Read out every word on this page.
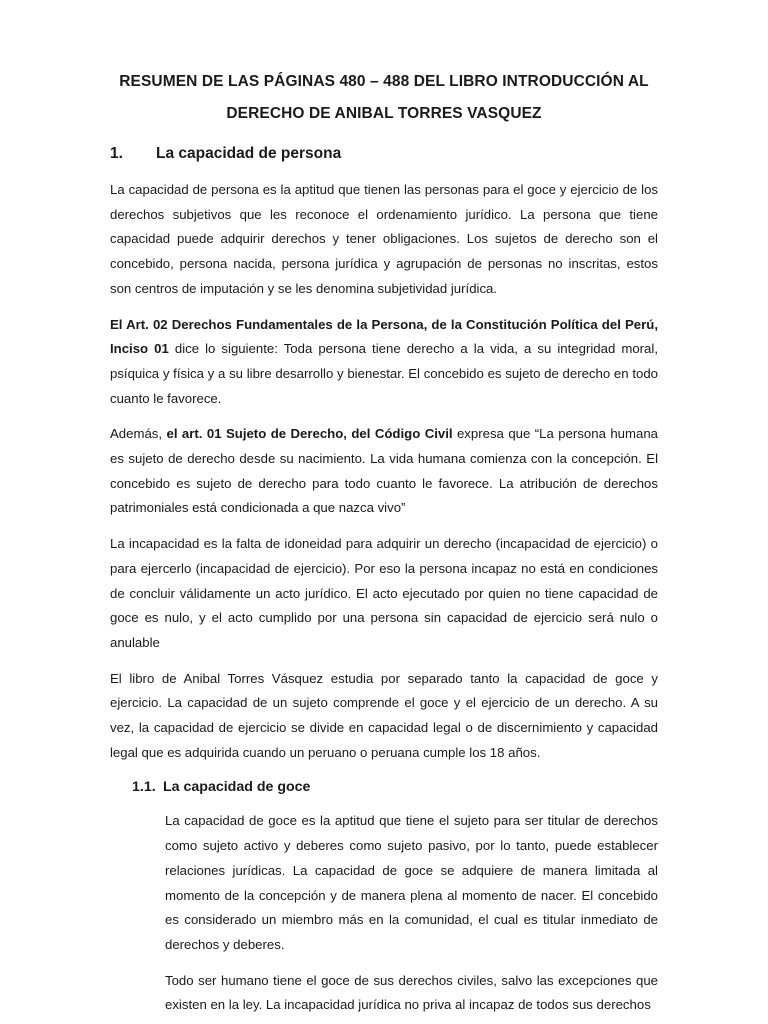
RESUMEN DE LAS PÁGINAS 480 – 488 DEL LIBRO INTRODUCCIÓN AL
DERECHO DE ANIBAL TORRES VASQUEZ
1.	La capacidad de persona

La capacidad de persona es la aptitud que tienen las personas para el goce y ejercicio de los derechos subjetivos que les reconoce el ordenamiento jurídico. La persona que tiene capacidad puede adquirir derechos y tener obligaciones. Los sujetos de derecho son el concebido, persona nacida, persona jurídica y agrupación de personas no inscritas, estos son centros de imputación y se les denomina subjetividad jurídica.

El Art. 02 Derechos Fundamentales de la Persona, de la Constitución Política del Perú, Inciso 01 dice lo siguiente: Toda persona tiene derecho a la vida, a su integridad moral, psíquica y física y a su libre desarrollo y bienestar. El concebido es sujeto de derecho en todo cuanto le favorece.

Además, el art. 01 Sujeto de Derecho, del Código Civil expresa que “La persona humana es sujeto de derecho desde su nacimiento. La vida humana comienza con la concepción. El concebido es sujeto de derecho para todo cuanto le favorece. La atribución de derechos patrimoniales está condicionada a que nazca vivo”

La incapacidad es la falta de idoneidad para adquirir un derecho (incapacidad de ejercicio) o para ejercerlo (incapacidad de ejercicio). Por eso la persona incapaz no está en condiciones de concluir válidamente un acto jurídico. El acto ejecutado por quien no tiene capacidad de goce es nulo, y el acto cumplido por una persona sin capacidad de ejercicio será nulo o anulable

El libro de Anibal Torres Vásquez estudia por separado tanto la capacidad de goce y ejercicio. La capacidad de un sujeto comprende el goce y el ejercicio de un derecho. A su vez, la capacidad de ejercicio se divide en capacidad legal o de discernimiento y capacidad legal que es adquirida cuando un peruano o peruana cumple los 18 años.

1.1. La capacidad de goce

La capacidad de goce es la aptitud que tiene el sujeto para ser titular de derechos como sujeto activo y deberes como sujeto pasivo, por lo tanto, puede establecer relaciones jurídicas. La capacidad de goce se adquiere de manera limitada al momento de la concepción y de manera plena al momento de nacer. El concebido es considerado un miembro más en la comunidad, el cual es titular inmediato de derechos y deberes.

Todo ser humano tiene el goce de sus derechos civiles, salvo las excepciones que existen en la ley. La incapacidad jurídica no priva al incapaz de todos sus derechos
